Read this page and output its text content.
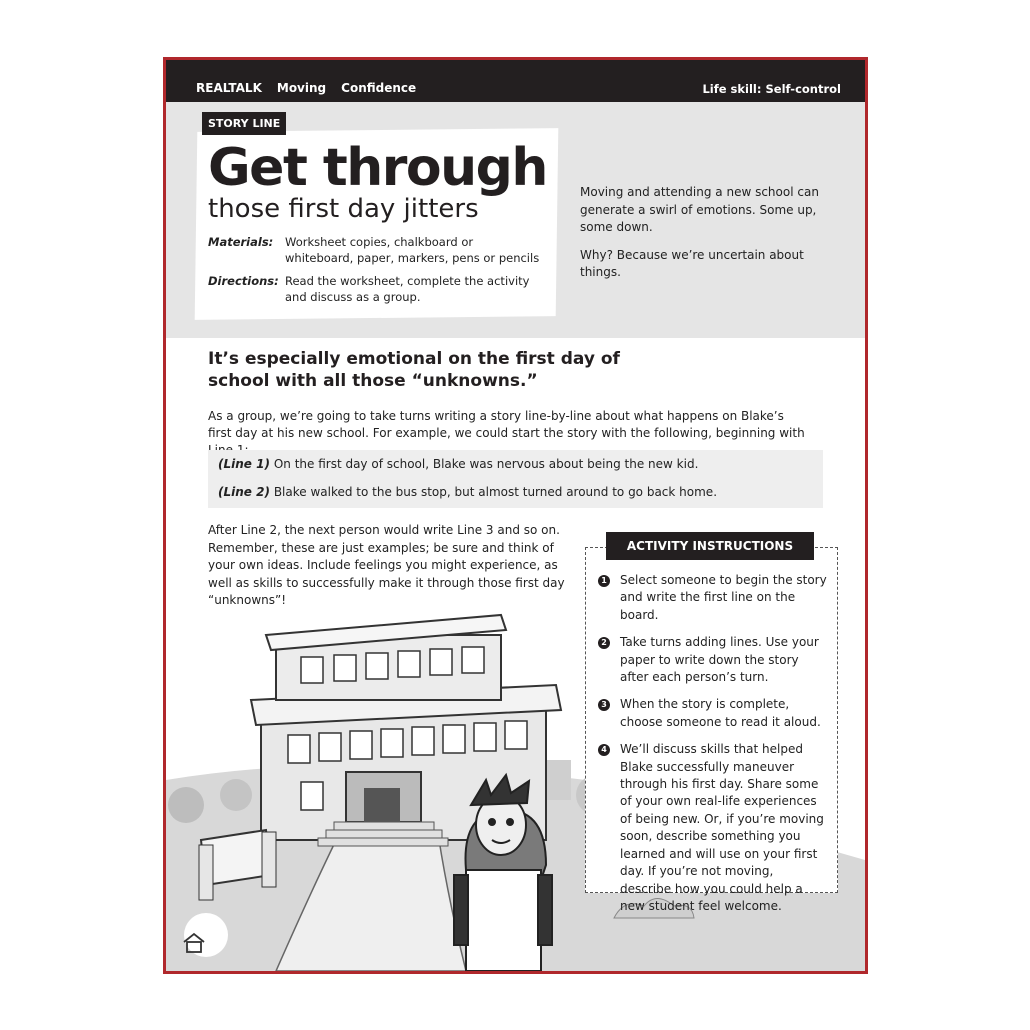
REALTALK Moving Confidence	Life skill: Self-control
STORY LINE
Get through
those first day jitters
Materials:	Worksheet copies, chalkboard or whiteboard, paper, markers, pens or pencils
Directions: Read the worksheet, complete the activity and discuss as a group.

Moving and attending a new school can generate a swirl of emotions. Some up, some down.

Why? Because we’re uncertain about things.

It’s especially emotional on the first day of school with all those “unknowns.”
As a group, we’re going to take turns writing a story line-by-line about what happens on Blake’s first day at his new school. For example, we could start the story with the following, beginning with
(Line 1) On the first day of school, Blake was nervous about being the new kid.
(Line 2) Blake walked to the bus stop, but almost turned around to go back home.
After Line 2, the next person would write Line 3 and so on. Remember, these are just examples; be sure and think of your own ideas. Include feelings you might experience, as well as skills to successfully make it through those first day “unknowns”!
ACTIVITY INSTRUCTIONS
1 Select someone to begin the story and write the first line on the board.
2 Take turns adding lines. Use your paper to write down the story after each person’s turn.
3 When the story is complete, choose someone to read it aloud.
4 We’ll discuss skills that helped Blake successfully maneuver through his first day. Share some of your own real-life experiences of being new. Or, if you’re moving soon, describe something you learned and will use on your first day. If you’re not moving, describe how you could help a new student feel welcome.
